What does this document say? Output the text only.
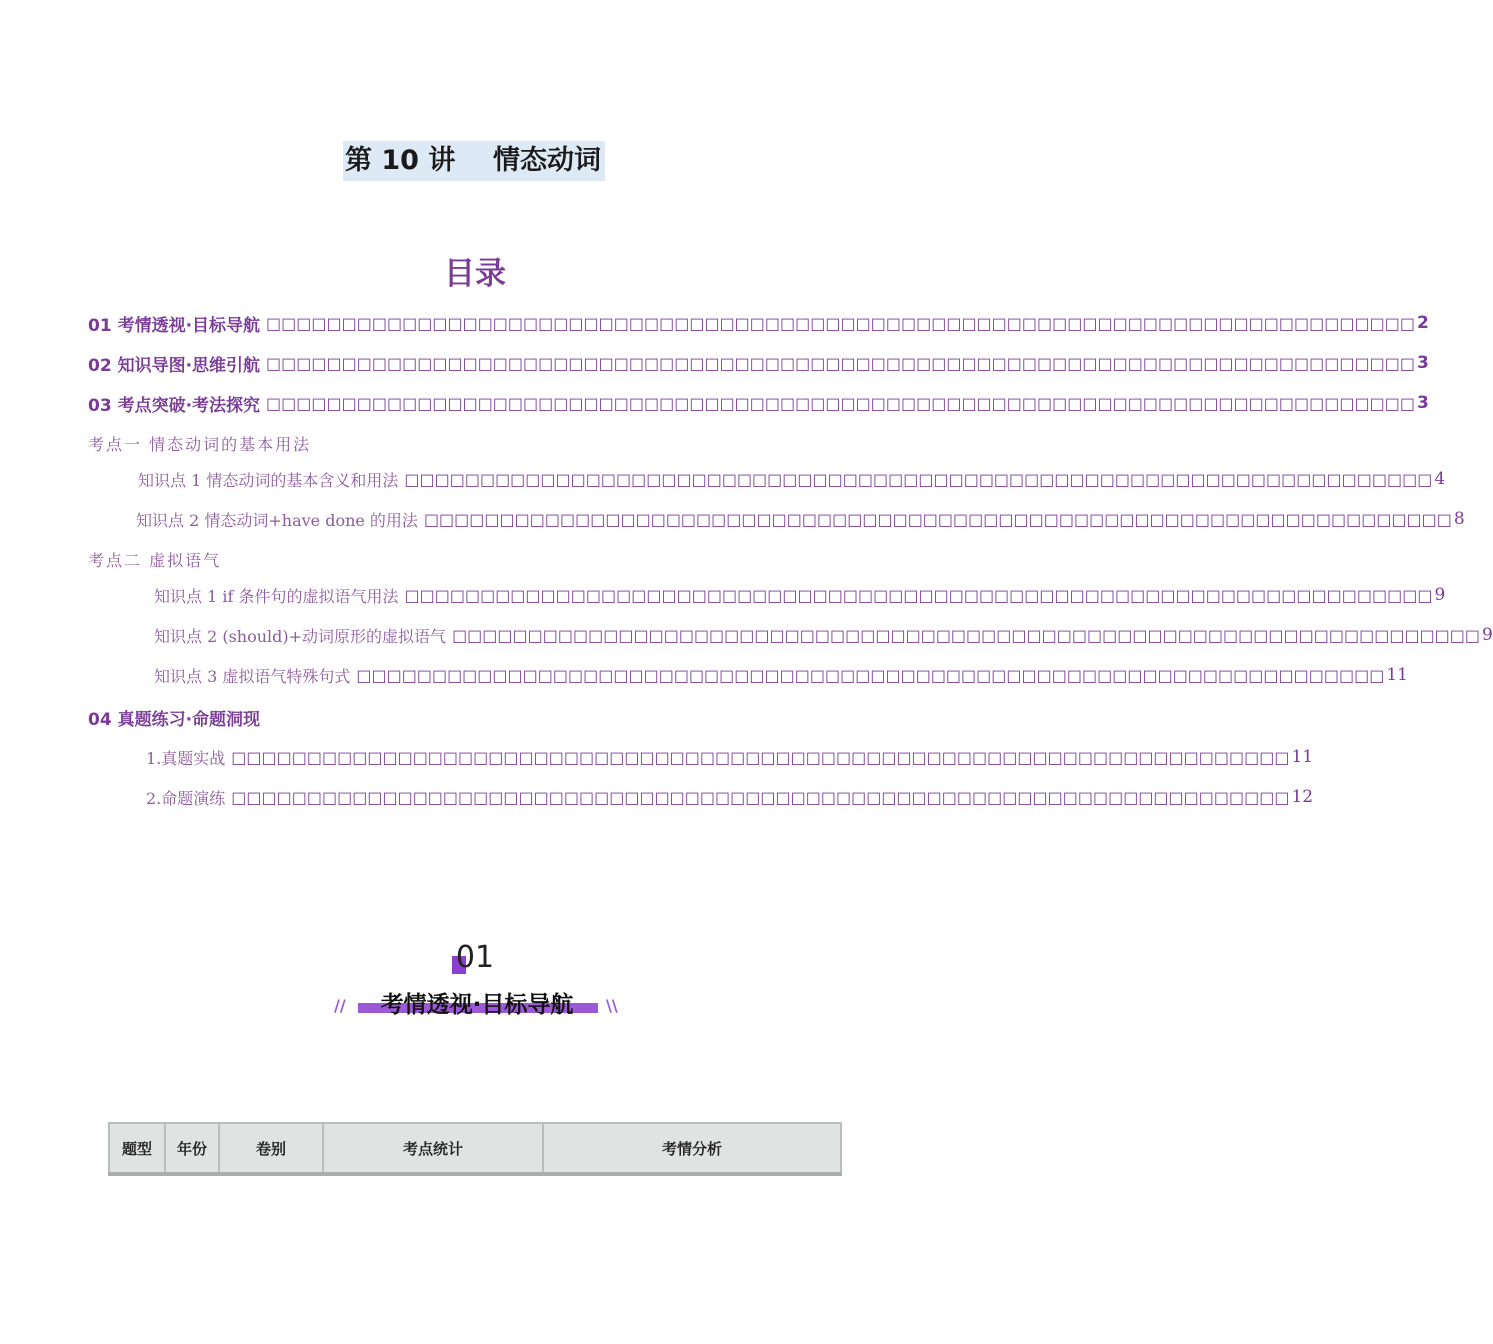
第 10 讲    情态动词
目录
01 考情透视·目标导航 □□□□□□□□□□□□□□□□□□□□□□□□□□□□□□□□□□□□□□□□□□□□□□□□□□□□□□□□□□□□□□□□□□□□□□□□□□□□ 2
02 知识导图·思维引航 □□□□□□□□□□□□□□□□□□□□□□□□□□□□□□□□□□□□□□□□□□□□□□□□□□□□□□□□□□□□□□□□□□□□□□□□□□□□ 3
03 考点突破·考法探究 □□□□□□□□□□□□□□□□□□□□□□□□□□□□□□□□□□□□□□□□□□□□□□□□□□□□□□□□□□□□□□□□□□□□□□□□□□□□ 3
考点一 情态动词的基本用法
知识点 1 情态动词的基本含义和用法 □□□□□□□□□□□□□□□□□□□□□□□□□□□□□□□□□□□□□□□□□□□□□□□□□□□□□□□□□□□□□□□□□□□□ 4
知识点 2 情态动词+have done 的用法 □□□□□□□□□□□□□□□□□□□□□□□□□□□□□□□□□□□□□□□□□□□□□□□□□□□□□□□□□□□□□□□□□□□□ 8
考点二 虚拟语气
知识点 1 if 条件句的虚拟语气用法 □□□□□□□□□□□□□□□□□□□□□□□□□□□□□□□□□□□□□□□□□□□□□□□□□□□□□□□□□□□□□□□□□□□□ 9
知识点 2 (should)+动词原形的虚拟语气 □□□□□□□□□□□□□□□□□□□□□□□□□□□□□□□□□□□□□□□□□□□□□□□□□□□□□□□□□□□□□□□□□□□□ 9
知识点 3 虚拟语气特殊句式 □□□□□□□□□□□□□□□□□□□□□□□□□□□□□□□□□□□□□□□□□□□□□□□□□□□□□□□□□□□□□□□□□□□□ 11
04 真题练习·命题洞现
1.真题实战 □□□□□□□□□□□□□□□□□□□□□□□□□□□□□□□□□□□□□□□□□□□□□□□□□□□□□□□□□□□□□□□□□□□□□□ 11
2.命题演练 □□□□□□□□□□□□□□□□□□□□□□□□□□□□□□□□□□□□□□□□□□□□□□□□□□□□□□□□□□□□□□□□□□□□□□ 12
01
//	考情透视·目标导航	\\
题型	年份	卷别	考点统计	考情分析
